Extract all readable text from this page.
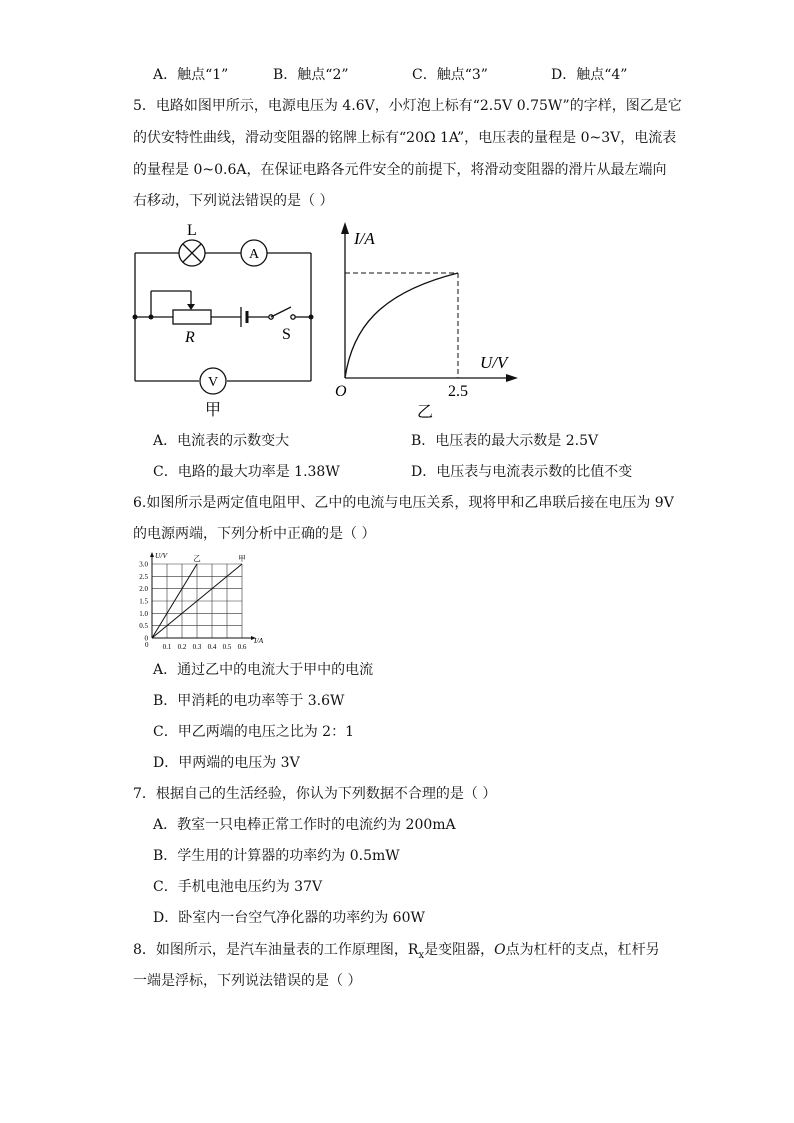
A．触点“1”	B．触点“2”	C．触点“3”	D．触点“4”
5．电路如图甲所示，电源电压为 4.6V，小灯泡上标有“2.5V 0.75W”的字样，图乙是它
的伏安特性曲线，滑动变阻器的铭牌上标有“20Ω 1A”，电压表的量程是 0~3V，电流表
的量程是 0~0.6A，在保证电路各元件安全的前提下，将滑动变阻器的滑片从最左端向
右移动，下列说法错误的是（ ）
L
A
R	S
V
甲
I/A
U/V
O	2.5
乙
A．电流表的示数变大	B．电压表的最大示数是 2.5V
C．电路的最大功率是 1.38W	D．电压表与电流表示数的比值不变
6.如图所示是两定值电阻甲、乙中的电流与电压关系，现将甲和乙串联后接在电压为 9V
的电源两端，下列分析中正确的是（ ）
0
0.5
1.0
1.5
2.0
2.5
3.0
0.1 0.2 0.3 0.4 0.5 0.6
0
U/V
I/A
乙	甲
A．通过乙中的电流大于甲中的电流
B．甲消耗的电功率等于 3.6W
C．甲乙两端的电压之比为 2：1
D．甲两端的电压为 3V
7．根据自己的生活经验，你认为下列数据不合理的是（ ）
A．教室一只电棒正常工作时的电流约为 200mA
B．学生用的计算器的功率约为 0.5mW
C．手机电池电压约为 37V
D．卧室内一台空气净化器的功率约为 60W
8．如图所示，是汽车油量表的工作原理图，$R_x$是变阻器，O点为杠杆的支点，杠杆另
一端是浮标，下列说法错误的是（ ）
